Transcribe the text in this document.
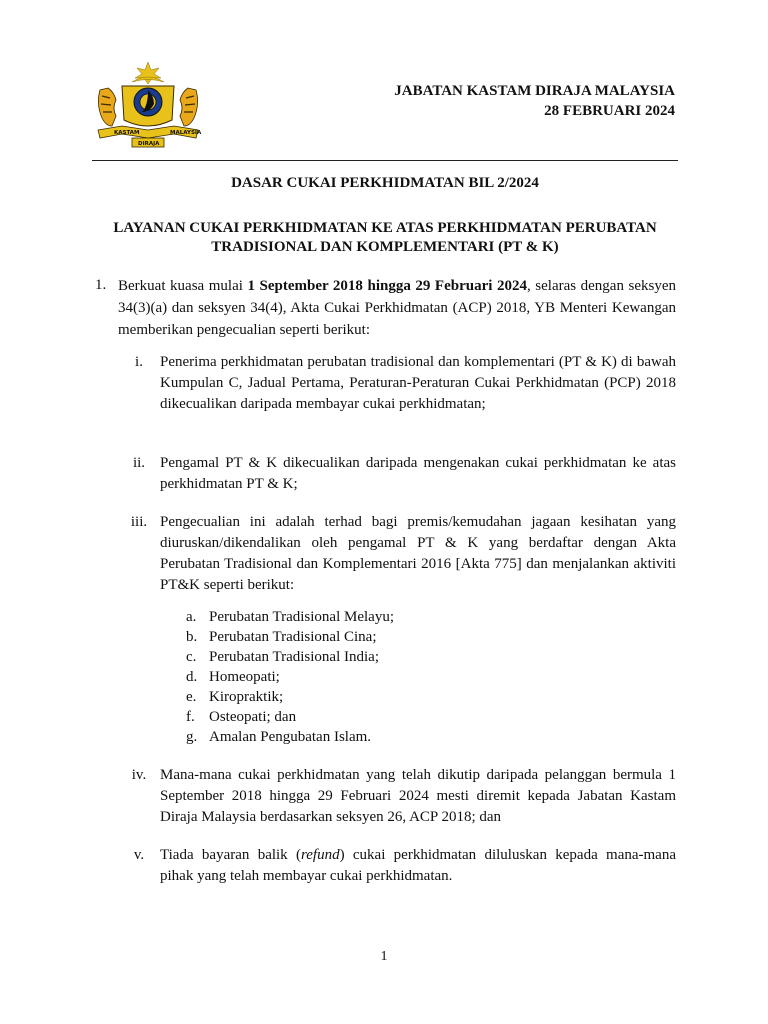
KASTAM	MALAYSIA
DIRAJA
JABATAN KASTAM DIRAJA MALAYSIA
28 FEBRUARI 2024
DASAR CUKAI PERKHIDMATAN BIL 2/2024
LAYANAN CUKAI PERKHIDMATAN KE ATAS PERKHIDMATAN PERUBATAN
TRADISIONAL DAN KOMPLEMENTARI (PT & K)
1. Berkuat kuasa mulai 1 September 2018 hingga 29 Februari 2024, selaras dengan seksyen 34(3)(a) dan seksyen 34(4), Akta Cukai Perkhidmatan (ACP) 2018, YB Menteri Kewangan memberikan pengecualian seperti berikut:
i.	Penerima perkhidmatan perubatan tradisional dan komplementari (PT & K) di bawah Kumpulan C, Jadual Pertama, Peraturan-Peraturan Cukai Perkhidmatan (PCP) 2018 dikecualikan daripada membayar cukai perkhidmatan;
ii. Pengamal PT & K dikecualikan daripada mengenakan cukai perkhidmatan ke atas perkhidmatan PT & K;
iii. Pengecualian ini adalah terhad bagi premis/kemudahan jagaan kesihatan yang diuruskan/dikendalikan oleh pengamal PT & K yang berdaftar dengan Akta Perubatan Tradisional dan Komplementari 2016 [Akta 775] dan menjalankan aktiviti PT&K seperti berikut:
a. Perubatan Tradisional Melayu;
b. Perubatan Tradisional Cina;
c. Perubatan Tradisional India;
d. Homeopati;
e. Kiropraktik;
f. Osteopati; dan
g. Amalan Pengubatan Islam.
iv. Mana-mana cukai perkhidmatan yang telah dikutip daripada pelanggan bermula 1 September 2018 hingga 29 Februari 2024 mesti diremit kepada Jabatan Kastam Diraja Malaysia berdasarkan seksyen 26, ACP 2018; dan
v.	Tiada bayaran balik (refund) cukai perkhidmatan diluluskan kepada mana-mana pihak yang telah membayar cukai perkhidmatan.
1
